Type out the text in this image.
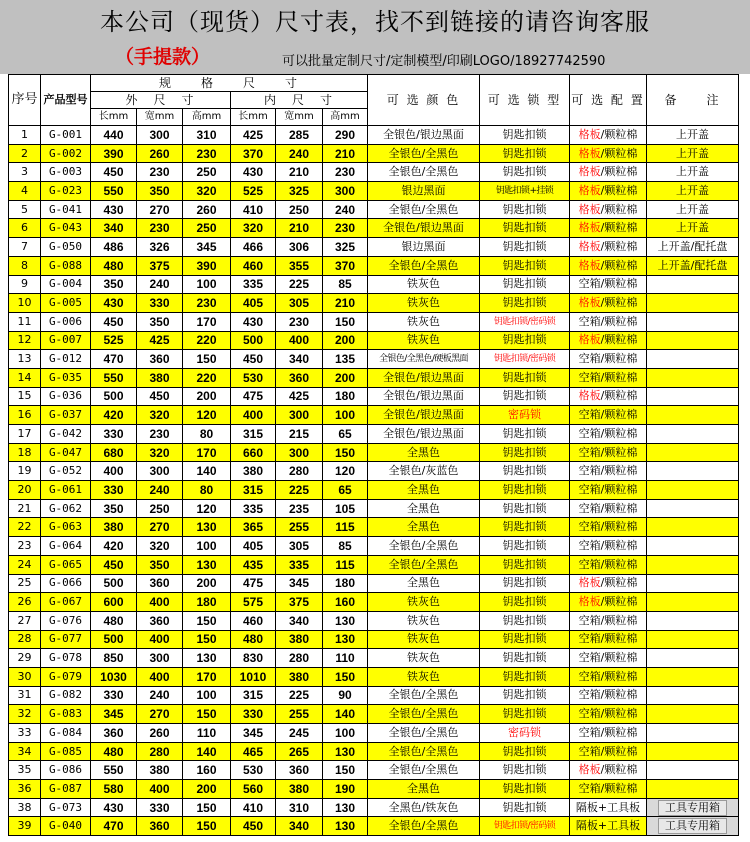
本公司（现货）尺寸表，找不到链接的请咨询客服
（手提款）	可以批量定制尺寸/定制模型/印刷LOGO/18927742590
序号	产品型号	规　　格　　尺　　寸						可 选 颜 色	可 选 锁 型	可 选 配 置	备　　注
		外　尺　寸			内　尺　寸						
		长mm	宽mm	高mm	长mm	宽mm	高mm				
1	G-001	440	300	310	425	285	290	全银色/银边黑面	钥匙扣锁	格板/颗粒棉	上开盖
2	G-002	390	260	230	370	240	210	全银色/全黑色	钥匙扣锁	格板/颗粒棉	上开盖
3	G-003	450	230	250	430	210	230	全银色/全黑色	钥匙扣锁	格板/颗粒棉	上开盖
4	G-023	550	350	320	525	325	300	银边黑面	钥匙扣锁+挂锁	格板/颗粒棉	上开盖
5	G-041	430	270	260	410	250	240	全银色/全黑色	钥匙扣锁	格板/颗粒棉	上开盖
6	G-043	340	230	250	320	210	230	全银色/银边黑面	钥匙扣锁	格板/颗粒棉	上开盖
7	G-050	486	326	345	466	306	325	银边黑面	钥匙扣锁	格板/颗粒棉	上开盖/配托盘
8	G-088	480	375	390	460	355	370	全银色/全黑色	钥匙扣锁	格板/颗粒棉	上开盖/配托盘
9	G-004	350	240	100	335	225	85	铁灰色	钥匙扣锁	空箱/颗粒棉	
10	G-005	430	330	230	405	305	210	铁灰色	钥匙扣锁	格板/颗粒棉	
11	G-006	450	350	170	430	230	150	铁灰色	钥匙扣锁/密码锁	空箱/颗粒棉	
12	G-007	525	425	220	500	400	200	铁灰色	钥匙扣锁	格板/颗粒棉	
13	G-012	470	360	150	450	340	135	全银色/全黑色/硬板黑面	钥匙扣锁/密码锁	空箱/颗粒棉	
14	G-035	550	380	220	530	360	200	全银色/银边黑面	钥匙扣锁	空箱/颗粒棉	
15	G-036	500	450	200	475	425	180	全银色/银边黑面	钥匙扣锁	格板/颗粒棉	
16	G-037	420	320	120	400	300	100	全银色/银边黑面	密码锁	空箱/颗粒棉	
17	G-042	330	230	80	315	215	65	全银色/银边黑面	钥匙扣锁	空箱/颗粒棉	
18	G-047	680	320	170	660	300	150	全黑色	钥匙扣锁	空箱/颗粒棉	
19	G-052	400	300	140	380	280	120	全银色/灰蓝色	钥匙扣锁	空箱/颗粒棉	
20	G-061	330	240	80	315	225	65	全黑色	钥匙扣锁	空箱/颗粒棉	
21	G-062	350	250	120	335	235	105	全黑色	钥匙扣锁	空箱/颗粒棉	
22	G-063	380	270	130	365	255	115	全黑色	钥匙扣锁	空箱/颗粒棉	
23	G-064	420	320	100	405	305	85	全银色/全黑色	钥匙扣锁	空箱/颗粒棉	
24	G-065	450	350	130	435	335	115	全银色/全黑色	钥匙扣锁	空箱/颗粒棉	
25	G-066	500	360	200	475	345	180	全黑色	钥匙扣锁	格板/颗粒棉	
26	G-067	600	400	180	575	375	160	铁灰色	钥匙扣锁	格板/颗粒棉	
27	G-076	480	360	150	460	340	130	铁灰色	钥匙扣锁	空箱/颗粒棉	
28	G-077	500	400	150	480	380	130	铁灰色	钥匙扣锁	空箱/颗粒棉	
29	G-078	850	300	130	830	280	110	铁灰色	钥匙扣锁	空箱/颗粒棉	
30	G-079	1030	400	170	1010	380	150	铁灰色	钥匙扣锁	空箱/颗粒棉	
31	G-082	330	240	100	315	225	90	全银色/全黑色	钥匙扣锁	空箱/颗粒棉	
32	G-083	345	270	150	330	255	140	全银色/全黑色	钥匙扣锁	空箱/颗粒棉	
33	G-084	360	260	110	345	245	100	全银色/全黑色	密码锁	空箱/颗粒棉	
34	G-085	480	280	140	465	265	130	全银色/全黑色	钥匙扣锁	空箱/颗粒棉	
35	G-086	550	380	160	530	360	150	全银色/全黑色	钥匙扣锁	格板/颗粒棉	
36	G-087	580	400	200	560	380	190	全黑色	钥匙扣锁	空箱/颗粒棉	
38	G-073	430	330	150	410	310	130	全黑色/铁灰色	钥匙扣锁	隔板+工具板	工具专用箱
39	G-040	470	360	150	450	340	130	全银色/全黑色	钥匙扣锁/密码锁	隔板+工具板	工具专用箱
